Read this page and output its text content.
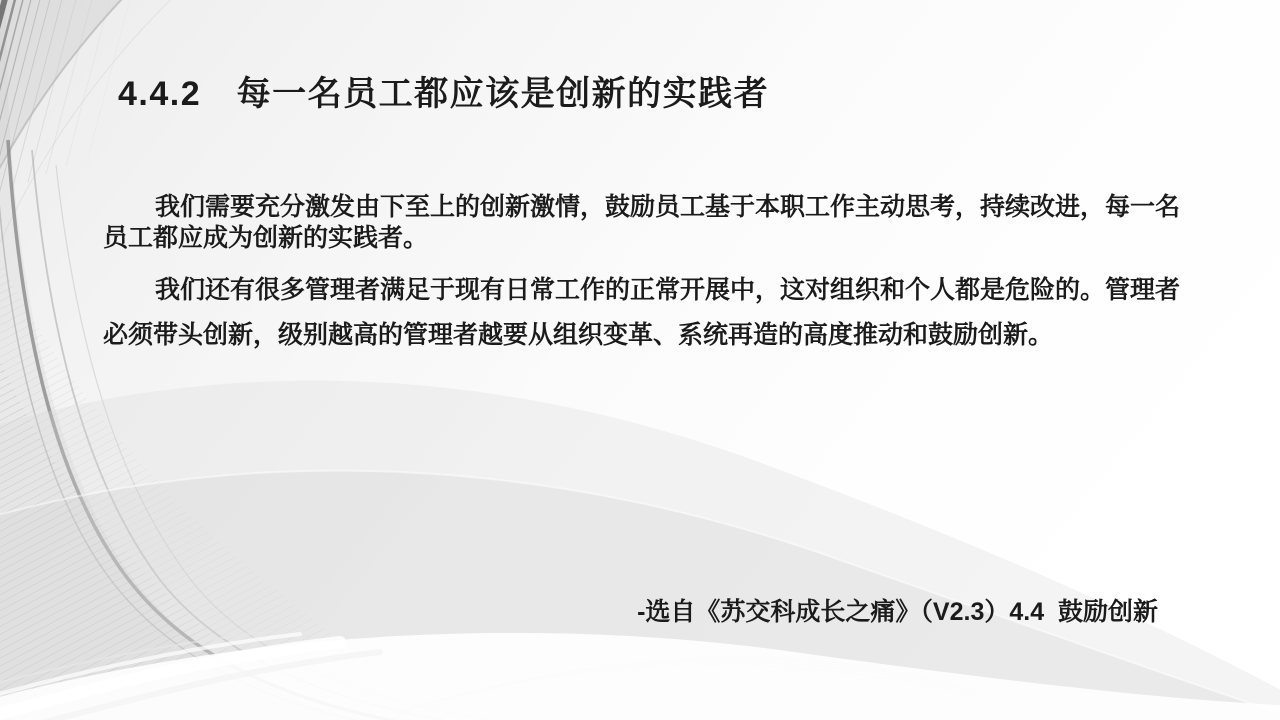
4.4.2　每一名员工都应该是创新的实践者
我们需要充分激发由下至上的创新激情，鼓励员工基于本职工作主动思考，持续改进，每一名
员工都应成为创新的实践者。
我们还有很多管理者满足于现有日常工作的正常开展中，这对组织和个人都是危险的。管理者
必须带头创新，级别越高的管理者越要从组织变革、系统再造的高度推动和鼓励创新。
-选自《苏交科成长之痛》（V2.3）4.4  鼓励创新
